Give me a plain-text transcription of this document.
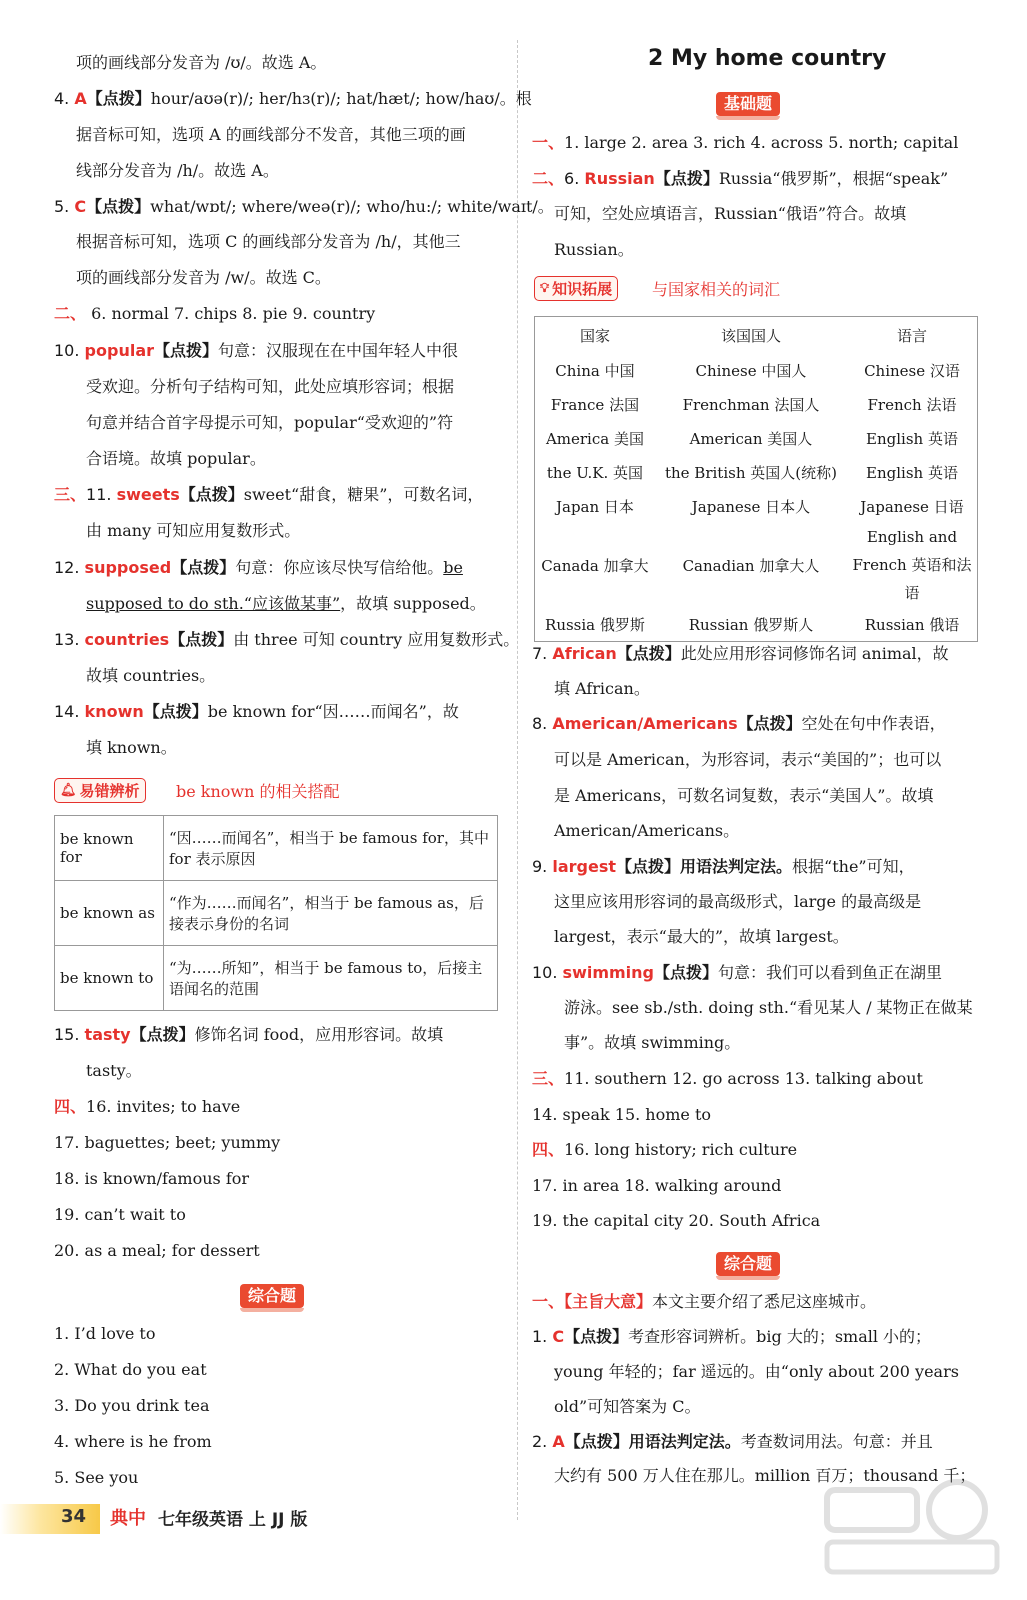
项的画线部分发音为 /ʊ/。故选 A。
4. A【点拨】hour/aʊə(r)/; her/hɜ(r)/; hat/hæt/; how/haʊ/。根
据音标可知，选项 A 的画线部分不发音，其他三项的画
线部分发音为 /h/。故选 A。
5. C【点拨】what/wɒt/; where/weə(r)/; who/hu:/; white/waɪt/。
根据音标可知，选项 C 的画线部分发音为 /h/，其他三
项的画线部分发音为 /w/。故选 C。
二、 6. normal 7. chips 8. pie 9. country
10. popular【点拨】句意：汉服现在在中国年轻人中很
受欢迎。分析句子结构可知，此处应填形容词；根据
句意并结合首字母提示可知，popular“受欢迎的”符
合语境。故填 popular。
三、11. sweets【点拨】sweet“甜食，糖果”，可数名词，
由 many 可知应用复数形式。
12. supposed【点拨】句意：你应该尽快写信给他。be
supposed to do sth.“应该做某事”，故填 supposed。
13. countries【点拨】由 three 可知 country 应用复数形式。
故填 countries。
14. known【点拨】be known for“因……而闻名”，故
填 known。
🔔︎ 易错辨析 be known 的相关搭配
be known for	“因……而闻名”，相当于 be famous for，其中 for 表示原因
be known as	“作为……而闻名”，相当于 be famous as，后接表示身份的名词
be known to	“为……所知”，相当于 be famous to，后接主语闻名的范围
15. tasty【点拨】修饰名词 food，应用形容词。故填
tasty。
四、16. invites; to have
17. baguettes; beet; yummy
18. is known/famous for
19. can’t wait to
20. as a meal; for dessert
综合题
1. I’d love to
2. What do you eat
3. Do you drink tea
4. where is he from
5. See you
2 My home country
基础题
一、1. large 2. area 3. rich 4. across 5. north; capital
二、6. Russian【点拨】Russia“俄罗斯”，根据“speak”
可知，空处应填语言，Russian“俄语”符合。故填
Russian。
💡︎ 知识拓展 与国家相关的词汇
国家	该国国人	语言
China 中国	Chinese 中国人	Chinese 汉语
France 法国	Frenchman 法国人	French 法语
America 美国	American 美国人	English 英语
the U.K. 英国	the British 英国人(统称)	English 英语
Japan 日本	Japanese 日本人	Japanese 日语
Canada 加拿大	Canadian 加拿大人	English and French 英语和法语
Russia 俄罗斯	Russian 俄罗斯人	Russian 俄语
7. African【点拨】此处应用形容词修饰名词 animal，故
填 African。
8. American/Americans【点拨】空处在句中作表语，
可以是 American，为形容词，表示“美国的”；也可以
是 Americans，可数名词复数，表示“美国人”。故填
American/Americans。
9. largest【点拨】用语法判定法。根据“the”可知，
这里应该用形容词的最高级形式，large 的最高级是
largest，表示“最大的”，故填 largest。
10. swimming【点拨】句意：我们可以看到鱼正在湖里
游泳。see sb./sth. doing sth.“看见某人 / 某物正在做某
事”。故填 swimming。
三、11. southern 12. go across 13. talking about
14. speak 15. home to
四、16. long history; rich culture
17. in area 18. walking around
19. the capital city 20. South Africa
综合题
一、【主旨大意】本文主要介绍了悉尼这座城市。
1. C【点拨】考查形容词辨析。big 大的；small 小的；
young 年轻的；far 遥远的。由“only about 200 years
old”可知答案为 C。
2. A【点拨】用语法判定法。考查数词用法。句意：并且
大约有 500 万人住在那儿。million 百万；thousand 千；
34 典中 七年级英语 上 JJ 版
